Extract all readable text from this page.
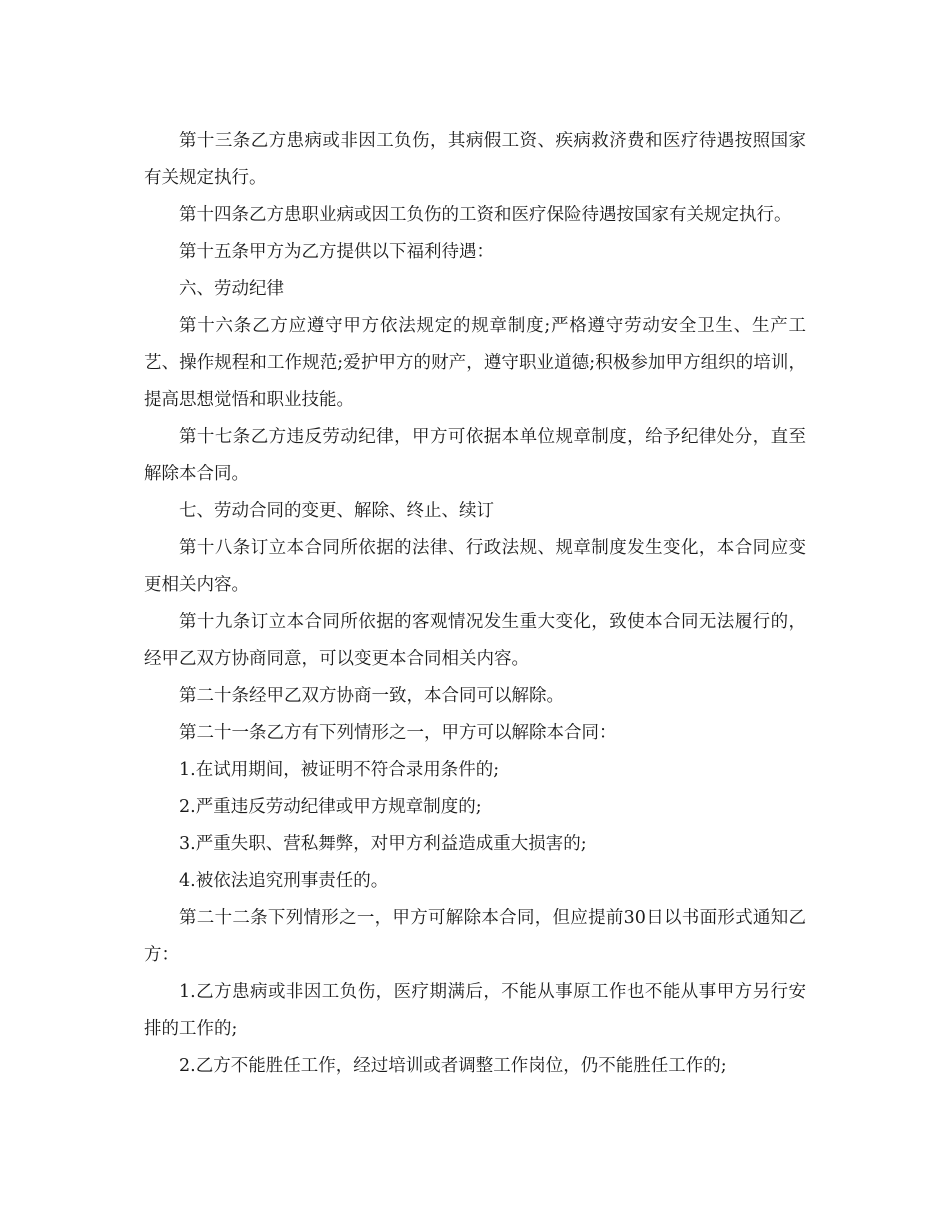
第十三条乙方患病或非因工负伤，其病假工资、疾病救济费和医疗待遇按照国家有关规定执行。

第十四条乙方患职业病或因工负伤的工资和医疗保险待遇按国家有关规定执行。

第十五条甲方为乙方提供以下福利待遇：

六、劳动纪律

第十六条乙方应遵守甲方依法规定的规章制度;严格遵守劳动安全卫生、生产工艺、操作规程和工作规范;爱护甲方的财产，遵守职业道德;积极参加甲方组织的培训，提高思想觉悟和职业技能。

第十七条乙方违反劳动纪律，甲方可依据本单位规章制度，给予纪律处分，直至解除本合同。

七、劳动合同的变更、解除、终止、续订

第十八条订立本合同所依据的法律、行政法规、规章制度发生变化，本合同应变更相关内容。

第十九条订立本合同所依据的客观情况发生重大变化，致使本合同无法履行的，经甲乙双方协商同意，可以变更本合同相关内容。

第二十条经甲乙双方协商一致，本合同可以解除。

第二十一条乙方有下列情形之一，甲方可以解除本合同：

1.在试用期间，被证明不符合录用条件的;

2.严重违反劳动纪律或甲方规章制度的;

3.严重失职、营私舞弊，对甲方利益造成重大损害的;

4.被依法追究刑事责任的。

第二十二条下列情形之一，甲方可解除本合同，但应提前30日以书面形式通知乙方：

1.乙方患病或非因工负伤，医疗期满后，不能从事原工作也不能从事甲方另行安排的工作的;

2.乙方不能胜任工作，经过培训或者调整工作岗位，仍不能胜任工作的;
